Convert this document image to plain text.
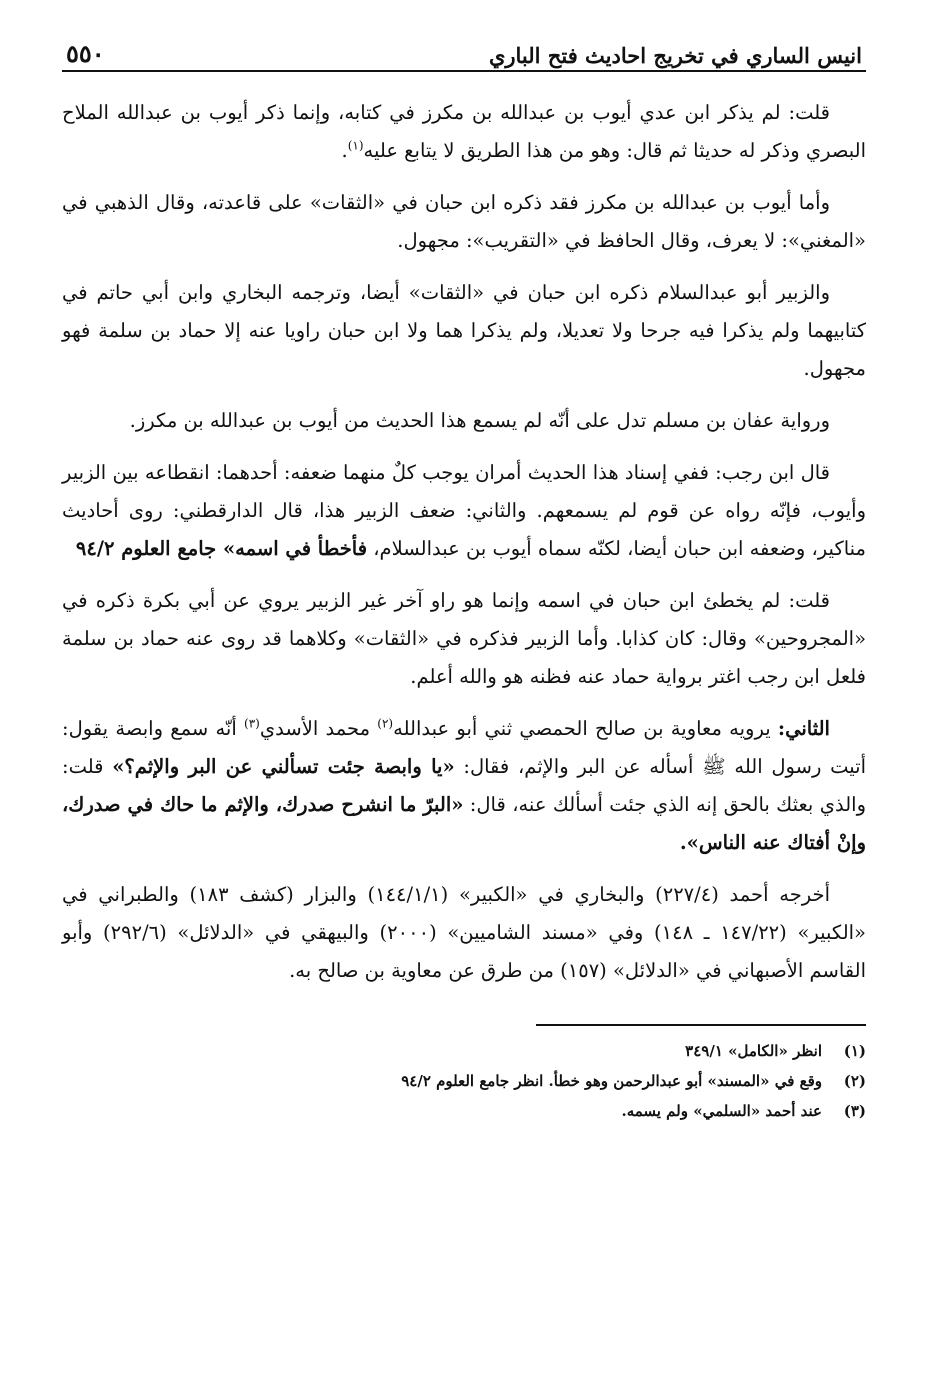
انيس الساري في تخريج احاديث فتح الباري
٥٥٠

قلت: لم يذكر ابن عدي أيوب بن عبدالله بن مكرز في كتابه، وإنما ذكر أيوب بن عبدالله الملاح البصري وذكر له حديثا ثم قال: وهو من هذا الطريق لا يتابع عليه$^{(١)}$.

وأما أيوب بن عبدالله بن مكرز فقد ذكره ابن حبان في «الثقات» على قاعدته، وقال الذهبي في «المغني»: لا يعرف، وقال الحافظ في «التقريب»: مجهول.

والزبير أبو عبدالسلام ذكره ابن حبان في «الثقات» أيضا، وترجمه البخاري وابن أبي حاتم في كتابيهما ولم يذكرا فيه جرحا ولا تعديلا، ولم يذكرا هما ولا ابن حبان راويا عنه إلا حماد بن سلمة فهو مجهول.

ورواية عفان بن مسلم تدل على أنّه لم يسمع هذا الحديث من أيوب بن عبدالله بن مكرز.

قال ابن رجب: ففي إسناد هذا الحديث أمران يوجب كلٌ منهما ضعفه: أحدهما: انقطاعه بين الزبير وأيوب، فإنّه رواه عن قوم لم يسمعهم. والثاني: ضعف الزبير هذا، قال الدارقطني: روى أحاديث مناكير، وضعفه ابن حبان أيضا، لكنّه سماه أيوب بن عبدالسلام، فأخطأ في اسمه» جامع العلوم ٩٤/٢

قلت: لم يخطئ ابن حبان في اسمه وإنما هو راو آخر غير الزبير يروي عن أبي بكرة ذكره في «المجروحين» وقال: كان كذابا. وأما الزبير فذكره في «الثقات» وكلاهما قد روى عنه حماد بن سلمة فلعل ابن رجب اغتر برواية حماد عنه فظنه هو والله أعلم.

الثاني: يرويه معاوية بن صالح الحمصي ثني أبو عبدالله$^{(٢)}$ محمد الأسدي$^{(٣)}$ أنّه سمع وابصة يقول: أتيت رسول الله ﷺ أسأله عن البر والإثم، فقال: «يا وابصة جئت تسألني عن البر والإثم؟» قلت: والذي بعثك بالحق إنه الذي جئت أسألك عنه، قال: «البرّ ما انشرح صدرك، والإثم ما حاك في صدرك، وإنْ أفتاك عنه الناس».

أخرجه أحمد (٢٢٧/٤) والبخاري في «الكبير» (١٤٤/١/١) والبزار (كشف ١٨٣) والطبراني في «الكبير» (١٤٧/٢٢ ـ ١٤٨) وفي «مسند الشاميين» (٢٠٠٠) والبيهقي في «الدلائل» (٢٩٢/٦) وأبو القاسم الأصبهاني في «الدلائل» (١٥٧) من طرق عن معاوية بن صالح به.

(١)
انظر «الكامل» ٣٤٩/١
(٢)
وقع في «المسند» أبو عبدالرحمن وهو خطأ. انظر جامع العلوم ٩٤/٢
(٣)
عند أحمد «السلمي» ولم يسمه.
